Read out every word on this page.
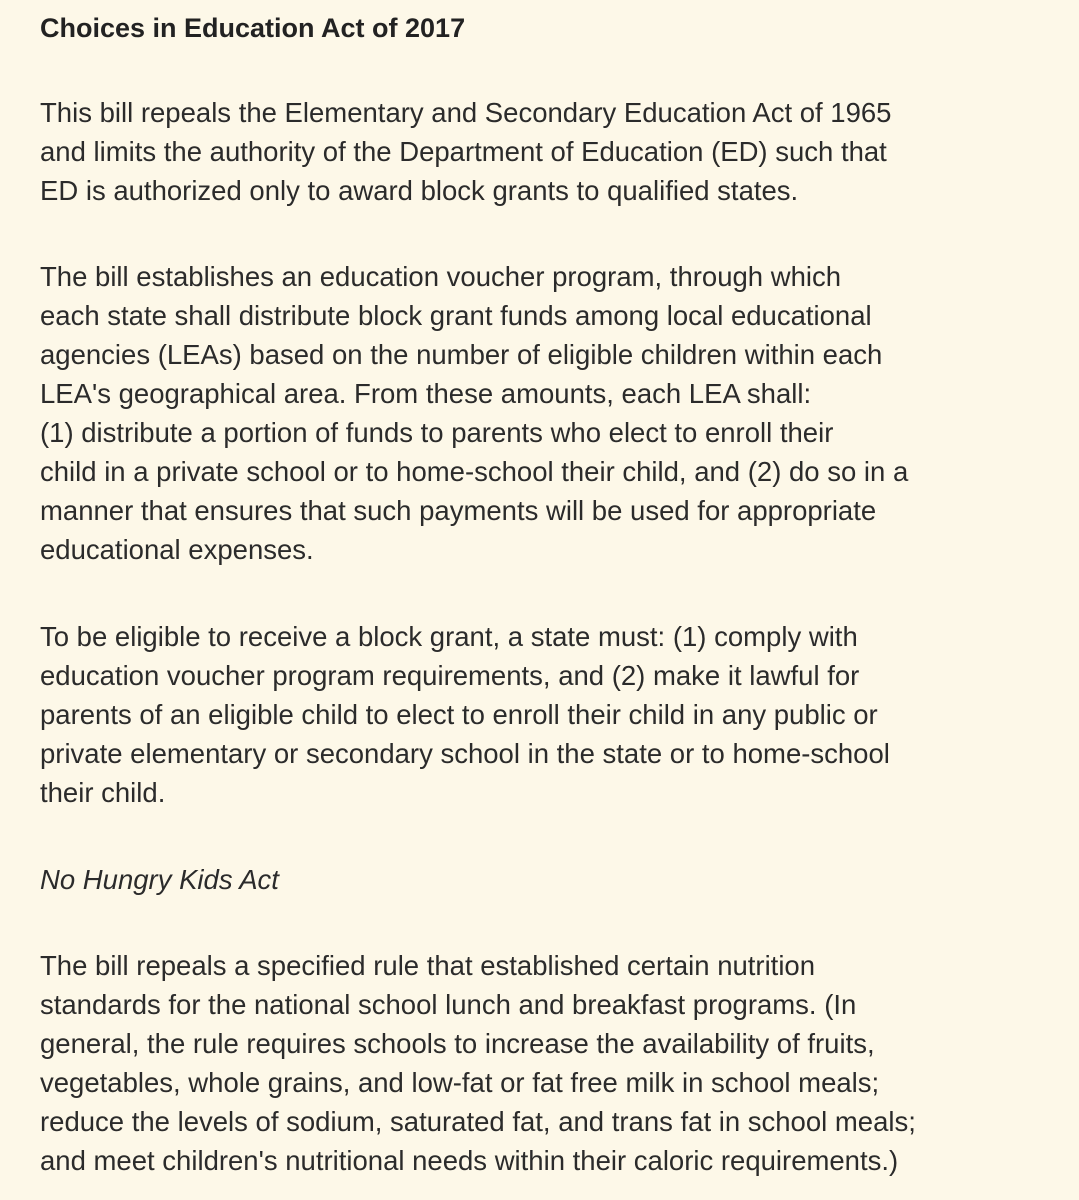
Choices in Education Act of 2017

This bill repeals the Elementary and Secondary Education Act of 1965
and limits the authority of the Department of Education (ED) such that
ED is authorized only to award block grants to qualified states.

The bill establishes an education voucher program, through which
each state shall distribute block grant funds among local educational
agencies (LEAs) based on the number of eligible children within each
LEA's geographical area. From these amounts, each LEA shall:
(1) distribute a portion of funds to parents who elect to enroll their
child in a private school or to home-school their child, and (2) do so in a
manner that ensures that such payments will be used for appropriate
educational expenses.

To be eligible to receive a block grant, a state must: (1) comply with
education voucher program requirements, and (2) make it lawful for
parents of an eligible child to elect to enroll their child in any public or
private elementary or secondary school in the state or to home-school
their child.

No Hungry Kids Act

The bill repeals a specified rule that established certain nutrition
standards for the national school lunch and breakfast programs. (In
general, the rule requires schools to increase the availability of fruits,
vegetables, whole grains, and low-fat or fat free milk in school meals;
reduce the levels of sodium, saturated fat, and trans fat in school meals;
and meet children's nutritional needs within their caloric requirements.)
